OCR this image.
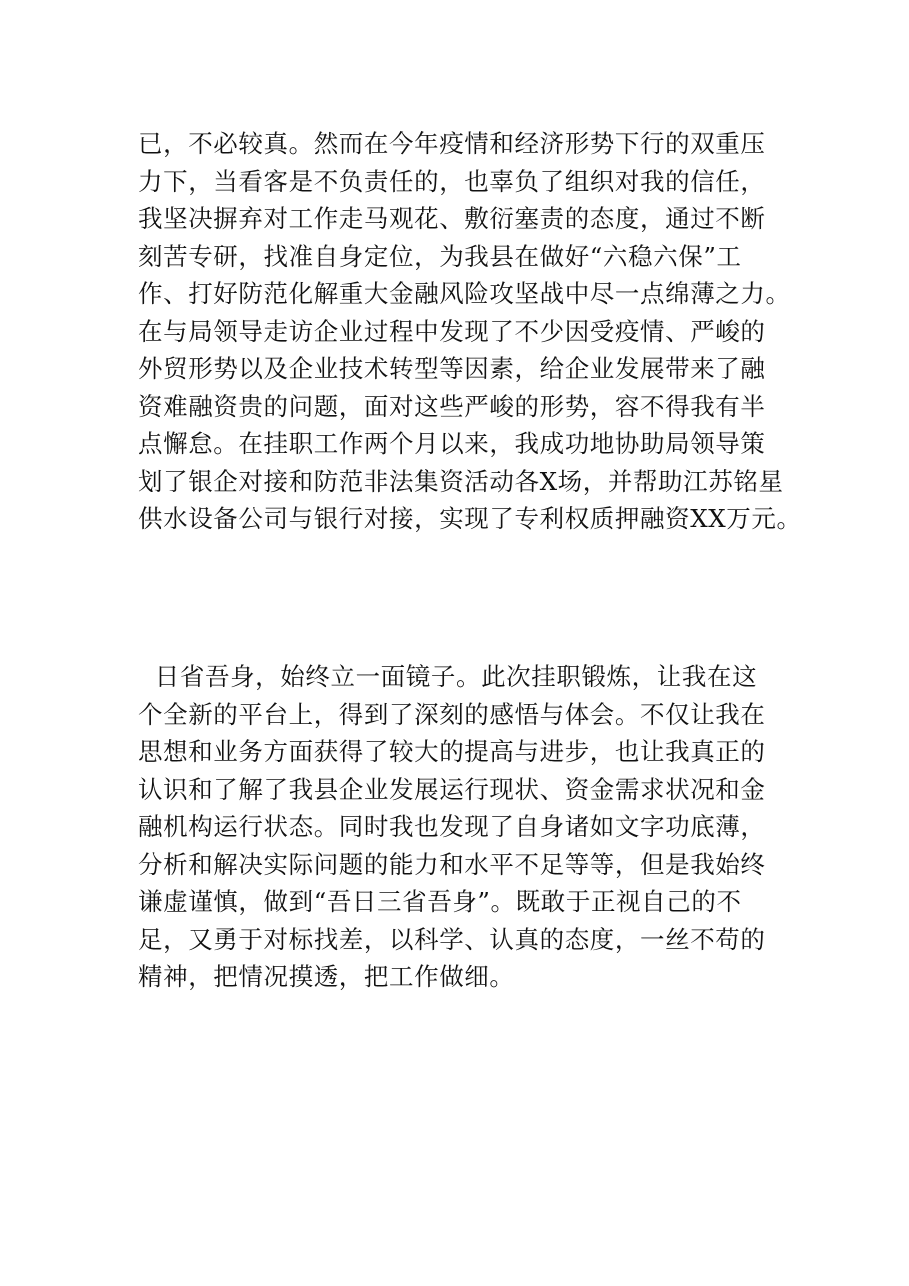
已，不必较真。然而在今年疫情和经济形势下行的双重压
力下，当看客是不负责任的，也辜负了组织对我的信任，
我坚决摒弃对工作走马观花、敷衍塞责的态度，通过不断
刻苦专研，找准自身定位，为我县在做好“六稳六保”工
作、打好防范化解重大金融风险攻坚战中尽一点绵薄之力。
在与局领导走访企业过程中发现了不少因受疫情、严峻的
外贸形势以及企业技术转型等因素，给企业发展带来了融
资难融资贵的问题，面对这些严峻的形势，容不得我有半
点懈怠。在挂职工作两个月以来，我成功地协助局领导策
划了银企对接和防范非法集资活动各X场，并帮助江苏铭星
供水设备公司与银行对接，实现了专利权质押融资XX万元。
日省吾身，始终立一面镜子。此次挂职锻炼，让我在这
个全新的平台上，得到了深刻的感悟与体会。不仅让我在
思想和业务方面获得了较大的提高与进步，也让我真正的
认识和了解了我县企业发展运行现状、资金需求状况和金
融机构运行状态。同时我也发现了自身诸如文字功底薄，
分析和解决实际问题的能力和水平不足等等，但是我始终
谦虚谨慎，做到“吾日三省吾身”。既敢于正视自己的不
足，又勇于对标找差，以科学、认真的态度，一丝不苟的
精神，把情况摸透，把工作做细。
